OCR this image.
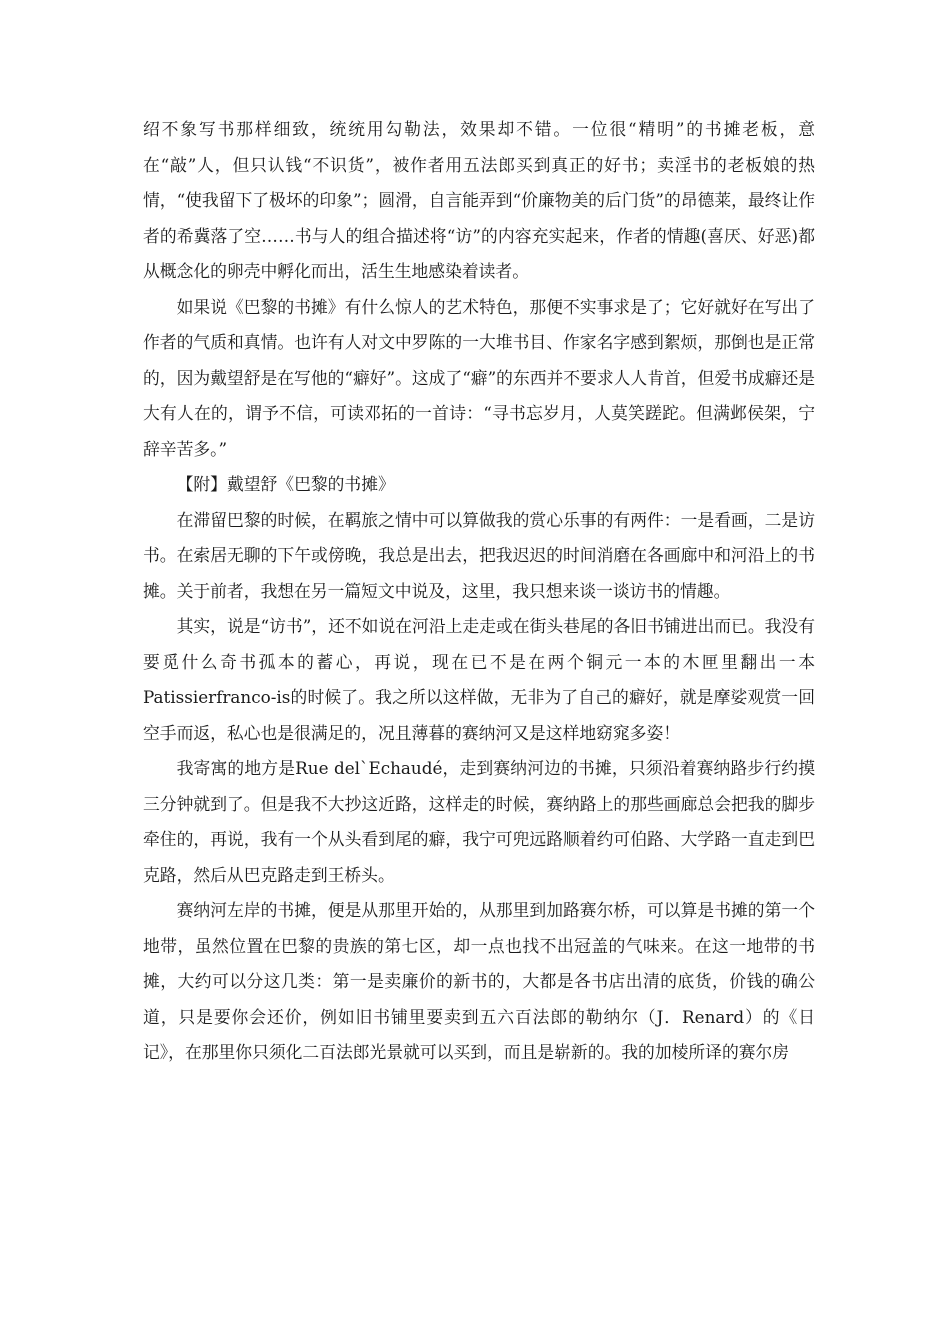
绍不象写书那样细致，统统用勾勒法，效果却不错。一位很“精明”的书摊老板，意在“敲”人，但只认钱“不识货”，被作者用五法郎买到真正的好书；卖淫书的老板娘的热情，“使我留下了极坏的印象”；圆滑，自言能弄到“价廉物美的后门货”的昂德莱，最终让作者的希冀落了空……书与人的组合描述将“访”的内容充实起来，作者的情趣(喜厌、好恶)都从概念化的卵壳中孵化而出，活生生地感染着读者。

如果说《巴黎的书摊》有什么惊人的艺术特色，那便不实事求是了；它好就好在写出了作者的气质和真情。也许有人对文中罗陈的一大堆书目、作家名字感到絮烦，那倒也是正常的，因为戴望舒是在写他的“癖好”。这成了“癖”的东西并不要求人人肯首，但爱书成癖还是大有人在的，谓予不信，可读邓拓的一首诗：“寻书忘岁月，人莫笑蹉跎。但满邺侯架，宁辞辛苦多。”

【附】戴望舒《巴黎的书摊》

在滞留巴黎的时候，在羁旅之情中可以算做我的赏心乐事的有两件：一是看画，二是访书。在索居无聊的下午或傍晚，我总是出去，把我迟迟的时间消磨在各画廊中和河沿上的书摊。关于前者，我想在另一篇短文中说及，这里，我只想来谈一谈访书的情趣。

其实，说是“访书”，还不如说在河沿上走走或在街头巷尾的各旧书铺进出而已。我没有要觅什么奇书孤本的蓄心，再说，现在已不是在两个铜元一本的木匣里翻出一本Patissierfranco-is的时候了。我之所以这样做，无非为了自己的癖好，就是摩娑观赏一回空手而返，私心也是很满足的，况且薄暮的赛纳河又是这样地窈窕多姿！

我寄寓的地方是Rue del`Echaudé，走到赛纳河边的书摊，只须沿着赛纳路步行约摸三分钟就到了。但是我不大抄这近路，这样走的时候，赛纳路上的那些画廊总会把我的脚步牵住的，再说，我有一个从头看到尾的癖，我宁可兜远路顺着约可伯路、大学路一直走到巴克路，然后从巴克路走到王桥头。

赛纳河左岸的书摊，便是从那里开始的，从那里到加路赛尔桥，可以算是书摊的第一个地带，虽然位置在巴黎的贵族的第七区，却一点也找不出冠盖的气味来。在这一地带的书摊，大约可以分这几类：第一是卖廉价的新书的，大都是各书店出清的底货，价钱的确公道，只是要你会还价，例如旧书铺里要卖到五六百法郎的勒纳尔（J．Renard）的《日记》，在那里你只须化二百法郎光景就可以买到，而且是崭新的。我的加棱所译的赛尔房
